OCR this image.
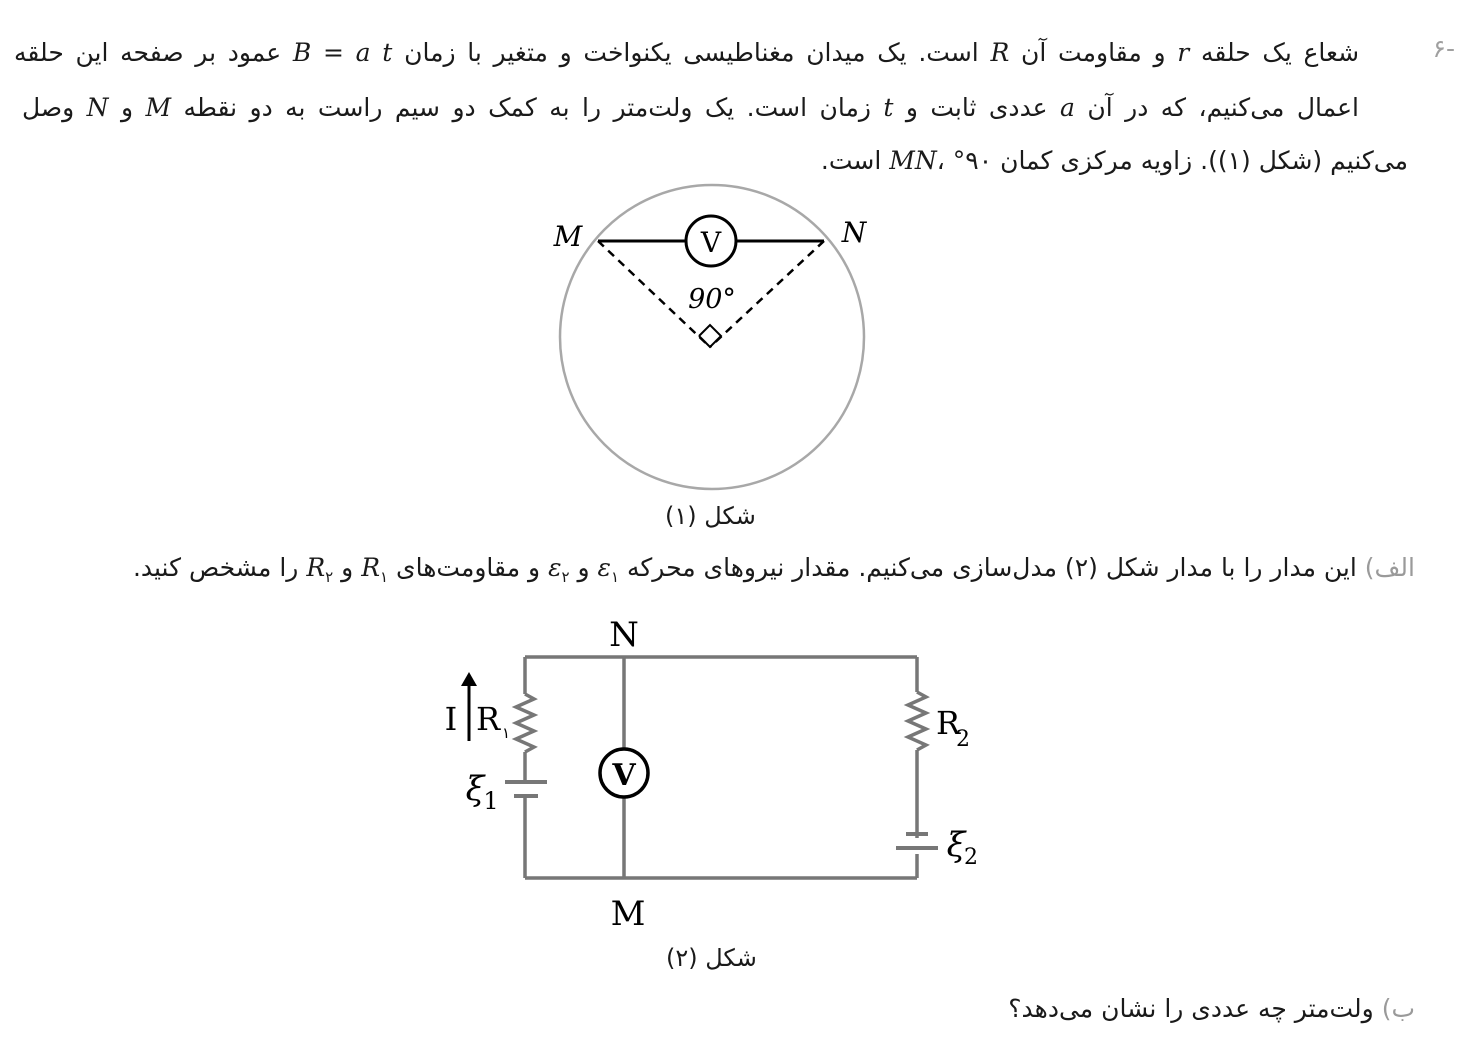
-۶
شعاع یک حلقه r و مقاومت آن R است. یک میدان مغناطیسی یکنواخت و متغیر با زمان B = a t عمود بر صفحه این حلقه
اعمال می‌کنیم، که در آن a عددی ثابت و t زمان است. یک ولت‌متر را به کمک دو سیم راست به دو نقطه M و N وصل
می‌کنیم (شکل (۱)). زاویه مرکزی کمان MN، °۹۰ است.
V
90°
M	N
شکل (۱)
الف) این مدار را با مدار شکل (۲) مدل‌سازی می‌کنیم. مقدار نیروهای محرکه $\varepsilon_۱$ و $\varepsilon_۲$ و مقاومت‌های $R_۱$ و $R_۲$ را مشخص کنید.
V
N
M
I R ۱	R
2
ξ
1
ξ
2
شکل (۲)
ب) ولت‌متر چه عددی را نشان می‌دهد؟
